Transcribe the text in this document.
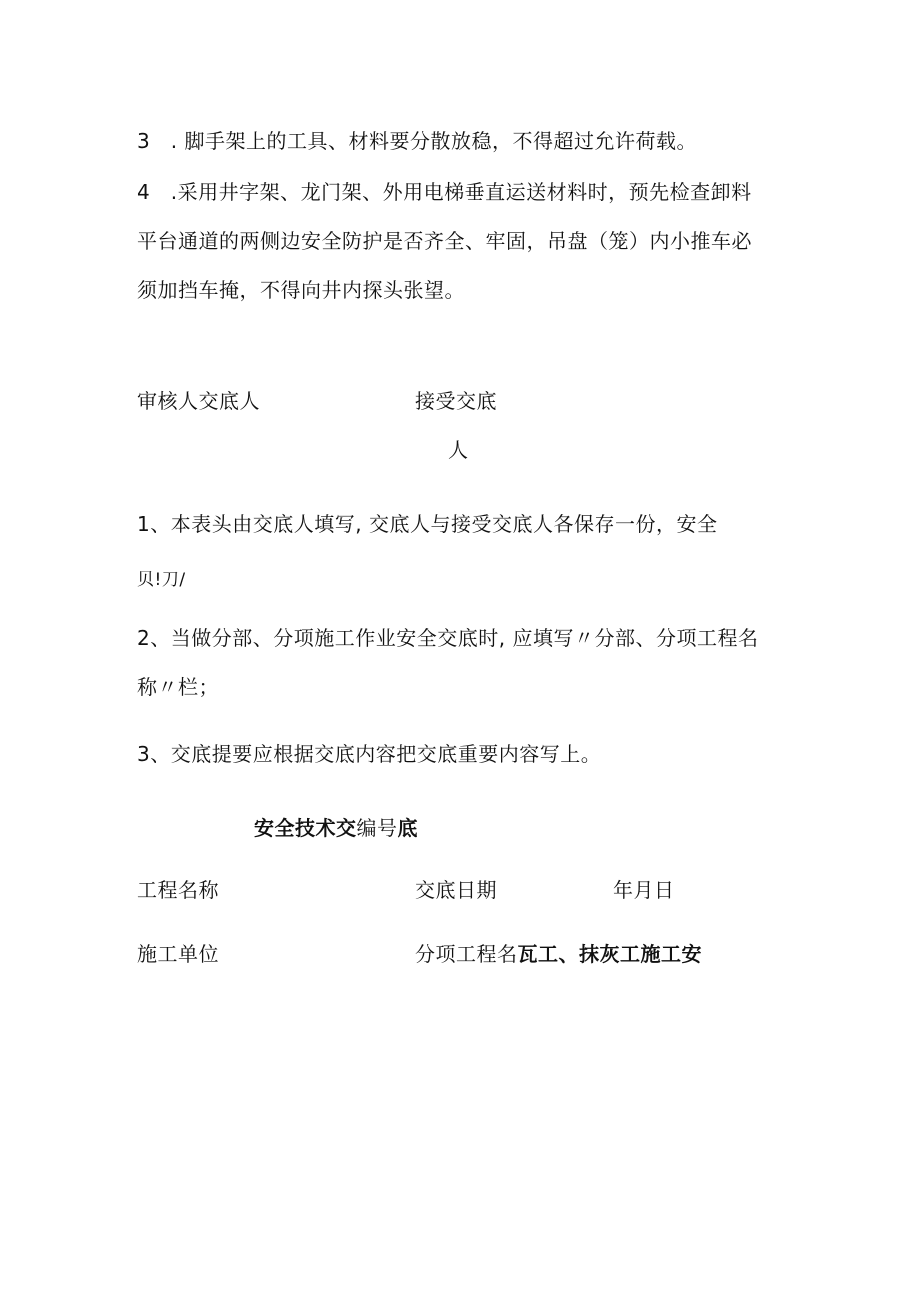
3　. 脚手架上的工具、材料要分散放稳，不得超过允许荷载。
4　.采用井字架、龙门架、外用电梯垂直运送材料时，预先检查卸料
平台通道的两侧边安全防护是否齐全、牢固，吊盘（笼）内小推车必
须加挡车掩，不得向井内探头张望。
审核人交底人	接受交底
人
1、本表头由交底人填写, 交底人与接受交底人各保存一份，安全
贝!刀/
2、当做分部、分项施工作业安全交底时, 应填写〃分部、分项工程名
称〃栏；
3、交底提要应根据交底内容把交底重要内容写上。
安全技术交编号底
工程名称	交底日期	年月日
施工单位	分项工程名瓦工、抹灰工施工安
